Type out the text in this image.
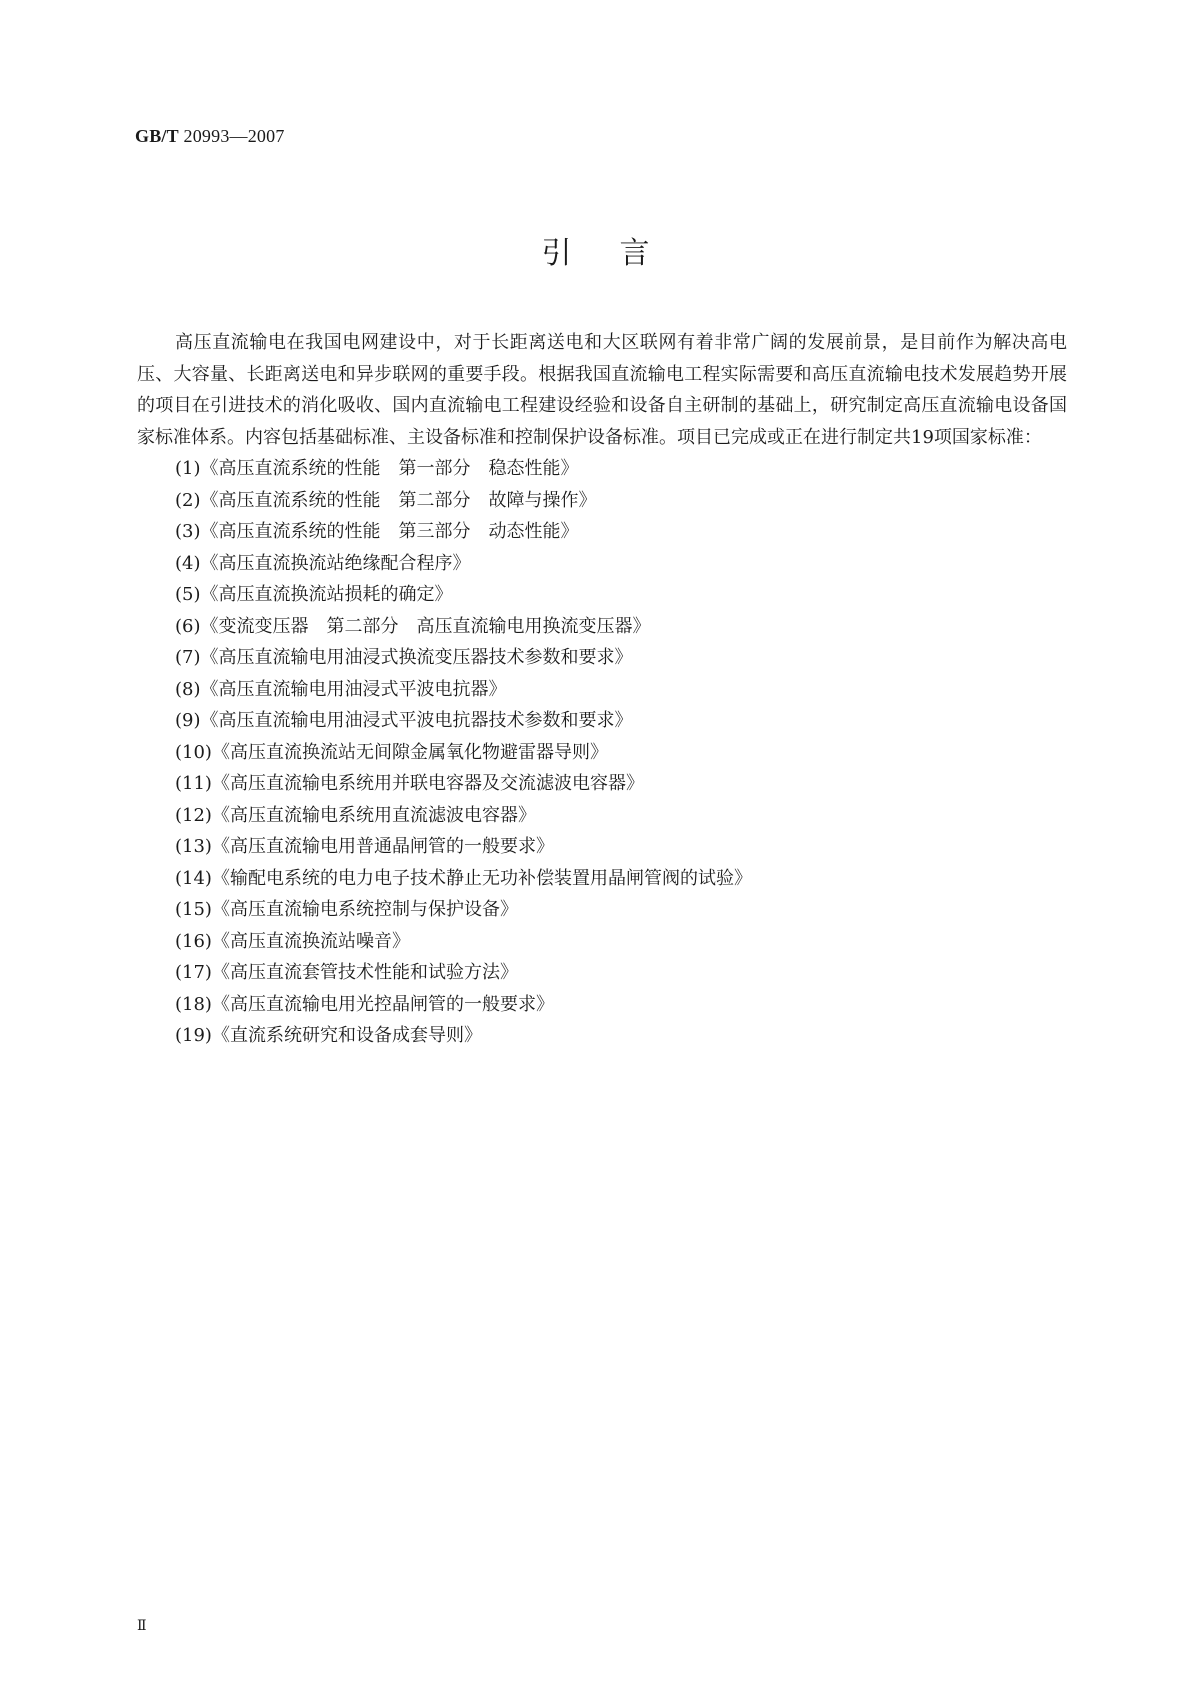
GB/T 20993—2007
引言

高压直流输电在我国电网建设中，对于长距离送电和大区联网有着非常广阔的发展前景，是目前作为解决高电压、大容量、长距离送电和异步联网的重要手段。根据我国直流输电工程实际需要和高压直流输电技术发展趋势开展的项目在引进技术的消化吸收、国内直流输电工程建设经验和设备自主研制的基础上，研究制定高压直流输电设备国家标准体系。内容包括基础标准、主设备标准和控制保护设备标准。项目已完成或正在进行制定共19项国家标准：

(1)《高压直流系统的性能　第一部分　稳态性能》
(2)《高压直流系统的性能　第二部分　故障与操作》
(3)《高压直流系统的性能　第三部分　动态性能》
(4)《高压直流换流站绝缘配合程序》
(5)《高压直流换流站损耗的确定》
(6)《变流变压器　第二部分　高压直流输电用换流变压器》
(7)《高压直流输电用油浸式换流变压器技术参数和要求》
(8)《高压直流输电用油浸式平波电抗器》
(9)《高压直流输电用油浸式平波电抗器技术参数和要求》
(10)《高压直流换流站无间隙金属氧化物避雷器导则》
(11)《高压直流输电系统用并联电容器及交流滤波电容器》
(12)《高压直流输电系统用直流滤波电容器》
(13)《高压直流输电用普通晶闸管的一般要求》
(14)《输配电系统的电力电子技术静止无功补偿装置用晶闸管阀的试验》
(15)《高压直流输电系统控制与保护设备》
(16)《高压直流换流站噪音》
(17)《高压直流套管技术性能和试验方法》
(18)《高压直流输电用光控晶闸管的一般要求》
(19)《直流系统研究和设备成套导则》
Ⅱ
